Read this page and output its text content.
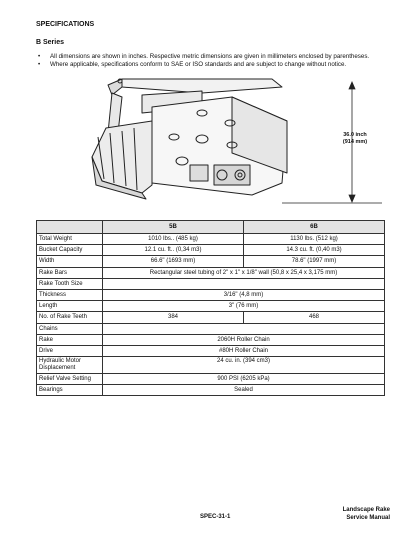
SPECIFICATIONS
B Series
• All dimensions are shown in inches. Respective metric dimensions are given in millimeters enclosed by parentheses.
• Where applicable, specifications conform to SAE or ISO standards and are subject to change without notice.
36.0 inch
(914 mm)
	5B	6B
Total Weight	1010 lbs.. (485 kg)	1130 lbs. (512 kg)
Bucket Capacity	12.1 cu. ft.. (0,34 m3)	14.3 cu. ft. (0,40 m3)
Width	66.6" (1693 mm)	78.6" (1997 mm)
Rake Bars	Rectangular steel tubing of 2" x 1" x 1/8" wall (50,8 x 25,4 x 3,175 mm)	
Rake Tooth Size		
Thickness	3/16" (4,8 mm)	
Length	3" (76 mm)	
No. of Rake Teeth	384	468
Chains		
Rake	2060H Roller Chain	
Drive	#80H Roller Chain	

Hydraulic Motor
Displacement	24 cu. in. (394 cm3)	
Relief Valve Setting	900 PSI (6205 kPa)	
Bearings	Sealed	
Landscape Rake
Service Manual
SPEC-31-1
